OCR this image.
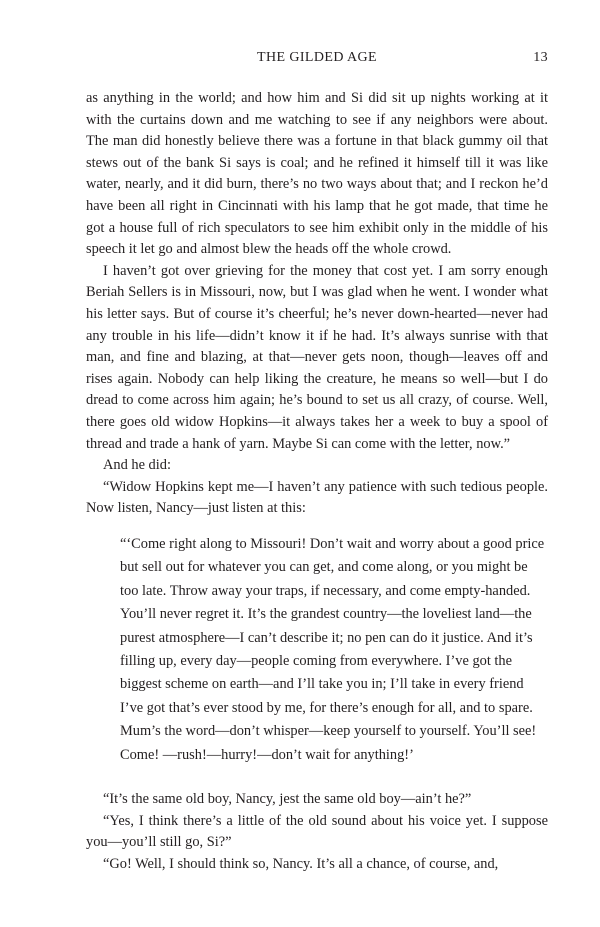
THE GILDED AGE	13

as anything in the world; and how him and Si did sit up nights working at it with the curtains down and me watching to see if any neighbors were about. The man did honestly believe there was a fortune in that black gummy oil that stews out of the bank Si says is coal; and he refined it himself till it was like water, nearly, and it did burn, there’s no two ways about that; and I reckon he’d have been all right in Cincinnati with his lamp that he got made, that time he got a house full of rich speculators to see him exhibit only in the middle of his speech it let go and almost blew the heads off the whole crowd.

I haven’t got over grieving for the money that cost yet. I am sorry enough Beriah Sellers is in Missouri, now, but I was glad when he went. I wonder what his letter says. But of course it’s cheerful; he’s never down-hearted—never had any trouble in his life—didn’t know it if he had. It’s always sunrise with that man, and fine and blazing, at that—never gets noon, though—leaves off and rises again. Nobody can help liking the creature, he means so well—but I do dread to come across him again; he’s bound to set us all crazy, of course. Well, there goes old widow Hopkins—it always takes her a week to buy a spool of thread and trade a hank of yarn. Maybe Si can come with the letter, now.”

And he did:

“Widow Hopkins kept me—I haven’t any patience with such tedious people. Now listen, Nancy—just listen at this:

“‘Come right along to Missouri! Don’t wait and worry about a good price but sell out for whatever you can get, and come along, or you might be too late. Throw away your traps, if necessary, and come empty-handed. You’ll never regret it. It’s the grandest country—the loveliest land—the purest atmosphere—I can’t describe it; no pen can do it justice. And it’s filling up, every day—people coming from everywhere. I’ve got the biggest scheme on earth—and I’ll take you in; I’ll take in every friend I’ve got that’s ever stood by me, for there’s enough for all, and to spare. Mum’s the word—don’t whisper—keep yourself to yourself. You’ll see! Come! —rush!—hurry!—don’t wait for anything!’

“It’s the same old boy, Nancy, jest the same old boy—ain’t he?”

“Yes, I think there’s a little of the old sound about his voice yet. I suppose you—you’ll still go, Si?”

“Go! Well, I should think so, Nancy. It’s all a chance, of course, and,
